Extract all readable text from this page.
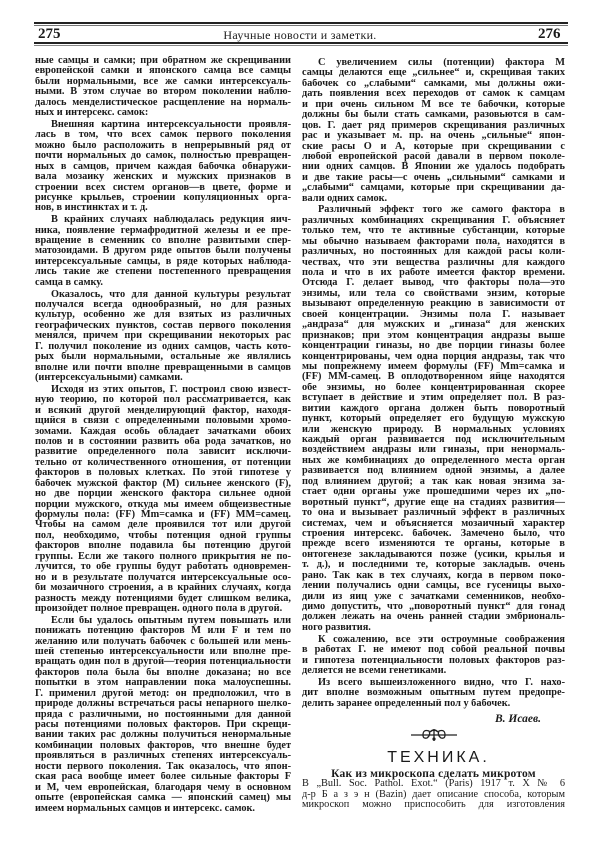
275	Научные новости и заметки.	276
ные самцы и самки; при обратном же скрещивании
европейской самки и японского самца все самцы
были нормальными, все же самки интерсексуаль-
ными. В этом случае во втором поколении наблю-
далось менделистическое расщепление на нормаль-
ных и интерсекс. самок:
Внешняя картина интерсексуальности проявля-
лась в том, что всех самок первого поколения
можно было расположить в непрерывный ряд от
почти нормальных до самок, полностью превращен-
ных в самцов, причем каждая бабочка обнаружи-
вала мозаику женских и мужских признаков в
строении всех систем органов—в цвете, форме и
рисунке крыльев, строении копуляционных орга-
нов, в инстинктах и т. д.
В крайних случаях наблюдалась редукция яич-
ника, появление гермафродитной железы и ее пре-
вращение в семенник со вполне развитыми спер-
матозоидами. В другом ряде опытов были получены
интерсексуальные самцы, в ряде которых наблюда-
лись такие же степени постепенного превращения
самца в самку.
Оказалось, что для данной культуры результат
получался всегда однообразный, но для разных
культур, особенно же для взятых из различных
географических пунктов, состав первого поколения
менялся, причем при скрещивании некоторых рас
Г. получил поколение из одних самцов, часть кото-
рых были нормальными, остальные же являлись
вполне или почти вполне превращенными в самцов
(интерсексуальными) самками.
Исходя из этих опытов, Г. построил свою извест-
ную теорию, по которой пол рассматривается, как
и всякий другой менделирующий фактор, находя-
щийся в связи с определенными половыми хромо-
зомами. Каждая особь обладает зачатками обоих
полов и в состоянии развить оба рода зачатков, но
развитие определенного пола зависит исключи-
тельно от количественного отношения, от потенции
факторов в половых клетках. По этой гипотезе у
бабочек мужской фактор (M) сильнее женского (F),
но две порции женского фактора сильнее одной
порции мужского, откуда мы имеем общеизвестные
формулы пола: (FF) Mm=самка и (FF) MM=самец.
Чтобы на самом деле проявился тот или другой
пол, необходимо, чтобы потенция одной группы
факторов вполне подавила бы потенцию другой
группы. Если же такого полного прикрытия не по-
лучится, то обе группы будут работать одновремен-
но и в результате получатся интерсексуальные осо-
би мозаичного строения, а в крайних случаях, когда
разность между потенциями будет слишком велика,
произойдет полное превращен. одного пола в другой.
Если бы удалось опытным путем повышать или
понижать потенцию факторов M или F и тем по
желанию или получать бабочек с большей или мень-
шей степенью интерсексуальности или вполне пре-
вращать один пол в другой—теория потенциальности
факторов пола была бы вполне доказана; но все
попытки в этом направлении пока малоуспешны.
Г. применил другой метод: он предположил, что в
природе должны встречаться расы непарного шелко-
пряда с различными, но постоянными для данной
расы потенциями половых факторов. При скрещи-
вании таких рас должны получиться ненормальные
комбинации половых факторов, что внешне будет
проявляться в различных степенях интерсексуаль-
ности первого поколения. Так оказалось, что япон-
ская раса вообще имеет более сильные факторы F
и M, чем европейская, благодаря чему в основном
опыте (европейская самка — японский самец) мы
имеем нормальных самцов и интерсекс. самок.
С увеличением силы (потенции) фактора M
самцы делаются еще „сильнее“ и, скрещивая таких
бабочек со „слабыми“ самками, мы должны ожи-
дать появления всех переходов от самок к самцам
и при очень сильном M все те бабочки, которые
должны бы были стать самками, разовьются в сам-
цов. Г. дает ряд примеров скрещивания различных
рас и указывает м. пр. на очень „сильные“ япон-
ские расы O и A, которые при скрещивании с
любой европейской расой давали в первом поколе-
нии одних самцов. В Японии же удалось подобрать
и две такие расы—с очень „сильными“ самками и
„слабыми“ самцами, которые при скрещивании да-
вали одних самок.
Различный эффект того же самого фактора в
различных комбинациях скрещивания Г. объясняет
только тем, что те активные субстанции, которые
мы обычно называем факторами пола, находятся в
различных, но постоянных для каждой расы коли-
чествах, что эти вещества различны для каждого
пола и что в их работе имеется фактор времени.
Отсюда Г. делает вывод, что факторы пола—это
энзимы, или тела со свойствами энзим, которые
вызывают определенную реакцию в зависимости от
своей концентрации. Энзимы пола Г. называет
„андраза“ для мужских и „гиназа“ для женских
признаков; при этом концентрация андразы выше
концентрации гиназы, но две порции гиназы более
концентрированы, чем одна порция андразы, так что
мы попрежнему имеем формулы (FF) Mm=самка и
(FF) MM-самец. В оплодотворенном яйце находятся
обе энзимы, но более концентрированная скорее
вступает в действие и этим определяет пол. В раз-
витии каждого органа должен быть поворотный
пункт, который определяет его будущую мужскую
или женскую природу. В нормальных условиях
каждый орган развивается под исключительным
воздействием андразы или гиназы, при ненормаль-
ных же комбинациях до определенного места орган
развивается под влиянием одной энзимы, а далее
под влиянием другой; а так как новая энзима за-
стает одни органы уже прошедшими через их „по-
воротный пункт“, другие еще на стадиях развития—
то она и вызывает различный эффект в различных
системах, чем и объясняется мозаичный характер
строения интерсекс. бабочек. Замечено было, что
прежде всего изменяются те органы, которые в
онтогенезе закладываются позже (усики, крылья и
т. д.), и последними те, которые закладыв. очень
рано. Так как в тех случаях, когда в первом поко-
лении получались одни самцы, все гусеницы выхо-
дили из яиц уже с зачатками семенников, необхо-
димо допустить, что „поворотный пункт“ для гонад
должен лежать на очень ранней стадии эмбриональ-
ного развития.
К сожалению, все эти остроумные соображения
в работах Г. не имеют под собой реальной почвы
и гипотеза потенциальности половых факторов раз-
деляется не всеми генетиками.
Из всего вышеизложенного видно, что Г. нахо-
дит вполне возможным опытным путем предопре-
делить заранее определенный пол у бабочек.
В. Исаев.
ТЕХНИКА.
Как из микроскопа сделать микротом
В „Bull. Soc. Pathol. Exot.“ (Paris) 1917 т. X № 6
д-р Б а з э н (Bazin) дает описание способа, которым
микроскоп можно приспособить для изготовления
